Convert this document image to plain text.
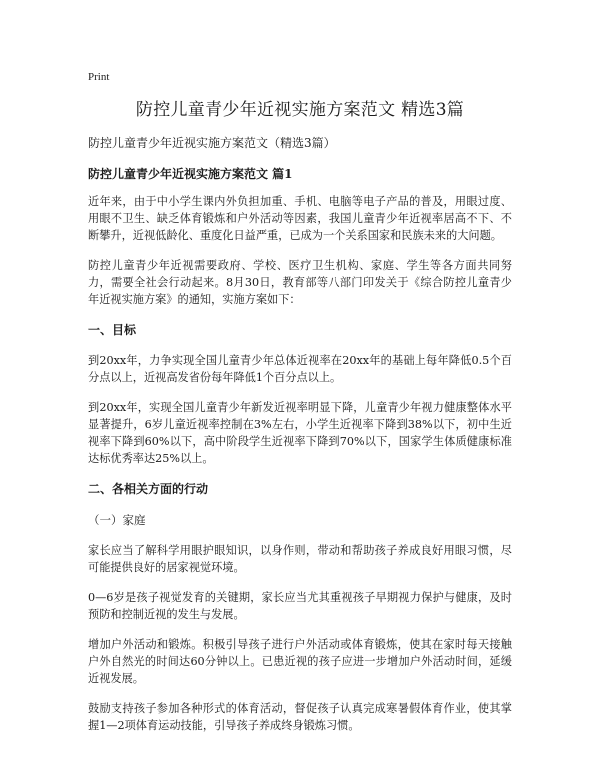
Print
防控儿童青少年近视实施方案范文 精选3篇
防控儿童青少年近视实施方案范文（精选3篇）
防控儿童青少年近视实施方案范文 篇1

近年来，由于中小学生课内外负担加重、手机、电脑等电子产品的普及，用眼过度、用眼不卫生、缺乏体育锻炼和户外活动等因素，我国儿童青少年近视率居高不下、不断攀升，近视低龄化、重度化日益严重，已成为一个关系国家和民族未来的大问题。

防控儿童青少年近视需要政府、学校、医疗卫生机构、家庭、学生等各方面共同努力，需要全社会行动起来。8月30日，教育部等八部门印发关于《综合防控儿童青少年近视实施方案》的通知，实施方案如下：

一、目标

到20xx年，力争实现全国儿童青少年总体近视率在20xx年的基础上每年降低0.5个百分点以上，近视高发省份每年降低1个百分点以上。

到20xx年，实现全国儿童青少年新发近视率明显下降，儿童青少年视力健康整体水平显著提升，6岁儿童近视率控制在3%左右，小学生近视率下降到38%以下，初中生近视率下降到60%以下，高中阶段学生近视率下降到70%以下，国家学生体质健康标准达标优秀率达25%以上。

二、各相关方面的行动
（一）家庭

家长应当了解科学用眼护眼知识，以身作则，带动和帮助孩子养成良好用眼习惯，尽可能提供良好的居家视觉环境。

0—6岁是孩子视觉发育的关键期，家长应当尤其重视孩子早期视力保护与健康，及时预防和控制近视的发生与发展。

增加户外活动和锻炼。积极引导孩子进行户外活动或体育锻炼，使其在家时每天接触户外自然光的时间达60分钟以上。已患近视的孩子应进一步增加户外活动时间，延缓近视发展。

鼓励支持孩子参加各种形式的体育活动，督促孩子认真完成寒暑假体育作业，使其掌握1—2项体育运动技能，引导孩子养成终身锻炼习惯。
